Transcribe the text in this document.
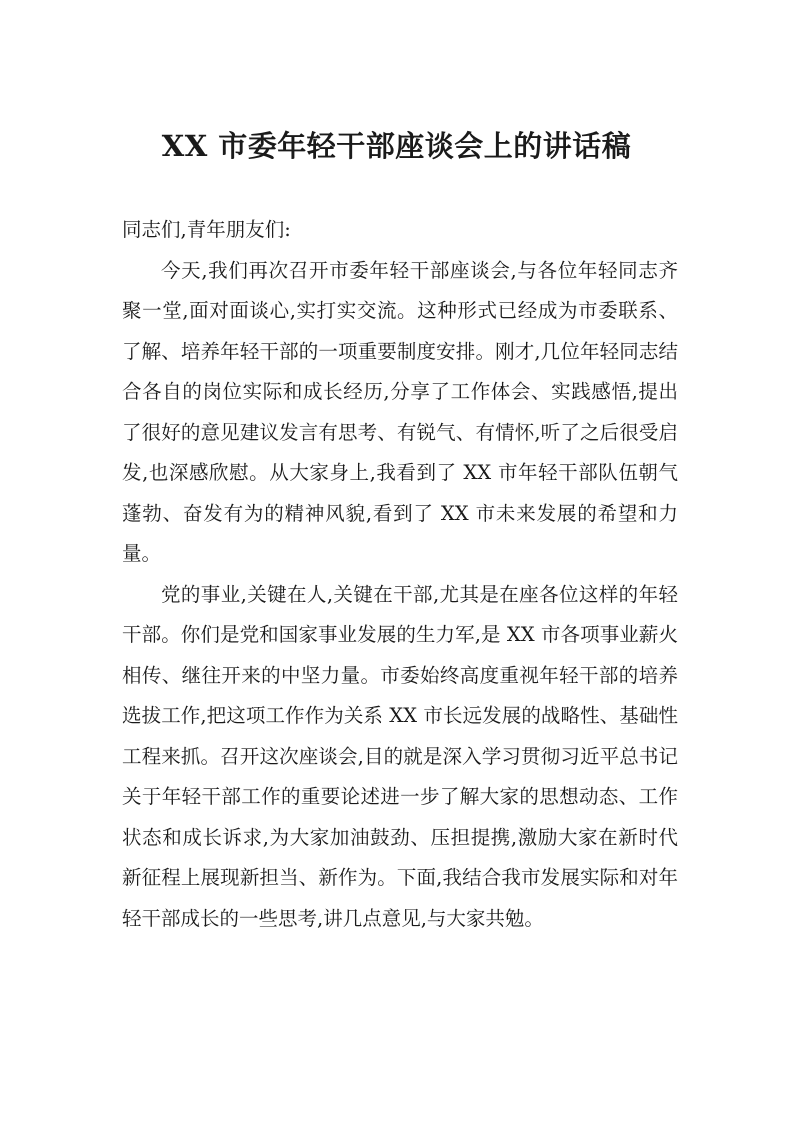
XX 市委年轻干部座谈会上的讲话稿

同志们,青年朋友们:

今天,我们再次召开市委年轻干部座谈会,与各位年轻同志齐聚一堂,面对面谈心,实打实交流。这种形式已经成为市委联系、了解、培养年轻干部的一项重要制度安排。刚才,几位年轻同志结合各自的岗位实际和成长经历,分享了工作体会、实践感悟,提出了很好的意见建议发言有思考、有锐气、有情怀,听了之后很受启发,也深感欣慰。从大家身上,我看到了 XX 市年轻干部队伍朝气蓬勃、奋发有为的精神风貌,看到了 XX 市未来发展的希望和力量。

党的事业,关键在人,关键在干部,尤其是在座各位这样的年轻干部。你们是党和国家事业发展的生力军,是 XX 市各项事业薪火相传、继往开来的中坚力量。市委始终高度重视年轻干部的培养选拔工作,把这项工作作为关系 XX 市长远发展的战略性、基础性工程来抓。召开这次座谈会,目的就是深入学习贯彻习近平总书记关于年轻干部工作的重要论述进一步了解大家的思想动态、工作状态和成长诉求,为大家加油鼓劲、压担提携,激励大家在新时代新征程上展现新担当、新作为。下面,我结合我市发展实际和对年轻干部成长的一些思考,讲几点意见,与大家共勉。
